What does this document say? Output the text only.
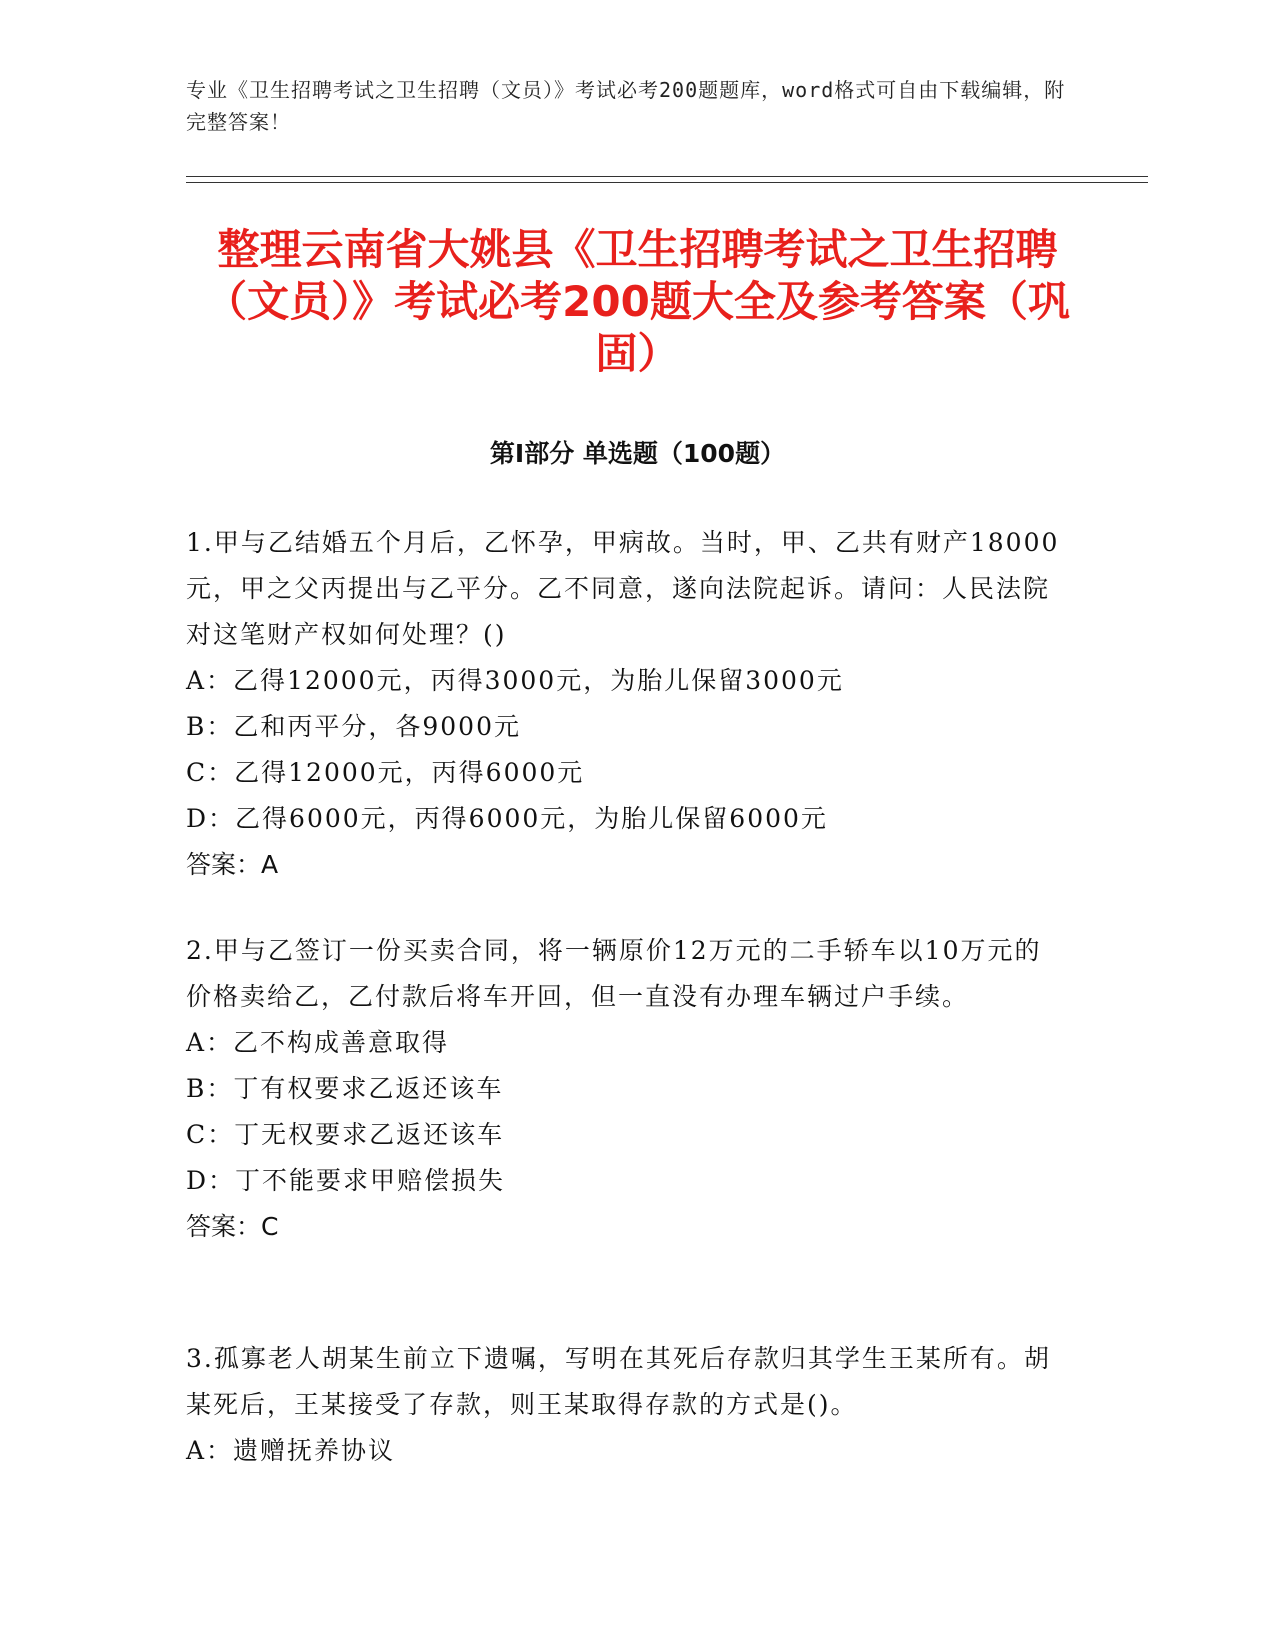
专业《卫生招聘考试之卫生招聘（文员）》考试必考200题题库，word格式可自由下载编辑，附完整答案！
整理云南省大姚县《卫生招聘考试之卫生招聘（文员）》考试必考200题大全及参考答案（巩固）
第I部分 单选题（100题）

1.甲与乙结婚五个月后，乙怀孕，甲病故。当时，甲、乙共有财产18000元，甲之父丙提出与乙平分。乙不同意，遂向法院起诉。请问：人民法院对这笔财产权如何处理？()

A：乙得12000元，丙得3000元，为胎儿保留3000元

B：乙和丙平分，各9000元

C：乙得12000元，丙得6000元

D：乙得6000元，丙得6000元，为胎儿保留6000元

答案：A

2.甲与乙签订一份买卖合同，将一辆原价12万元的二手轿车以10万元的价格卖给乙，乙付款后将车开回，但一直没有办理车辆过户手续。

A：乙不构成善意取得

B：丁有权要求乙返还该车

C：丁无权要求乙返还该车

D：丁不能要求甲赔偿损失

答案：C

3.孤寡老人胡某生前立下遗嘱，写明在其死后存款归其学生王某所有。胡某死后，王某接受了存款，则王某取得存款的方式是()。

A：遗赠抚养协议
